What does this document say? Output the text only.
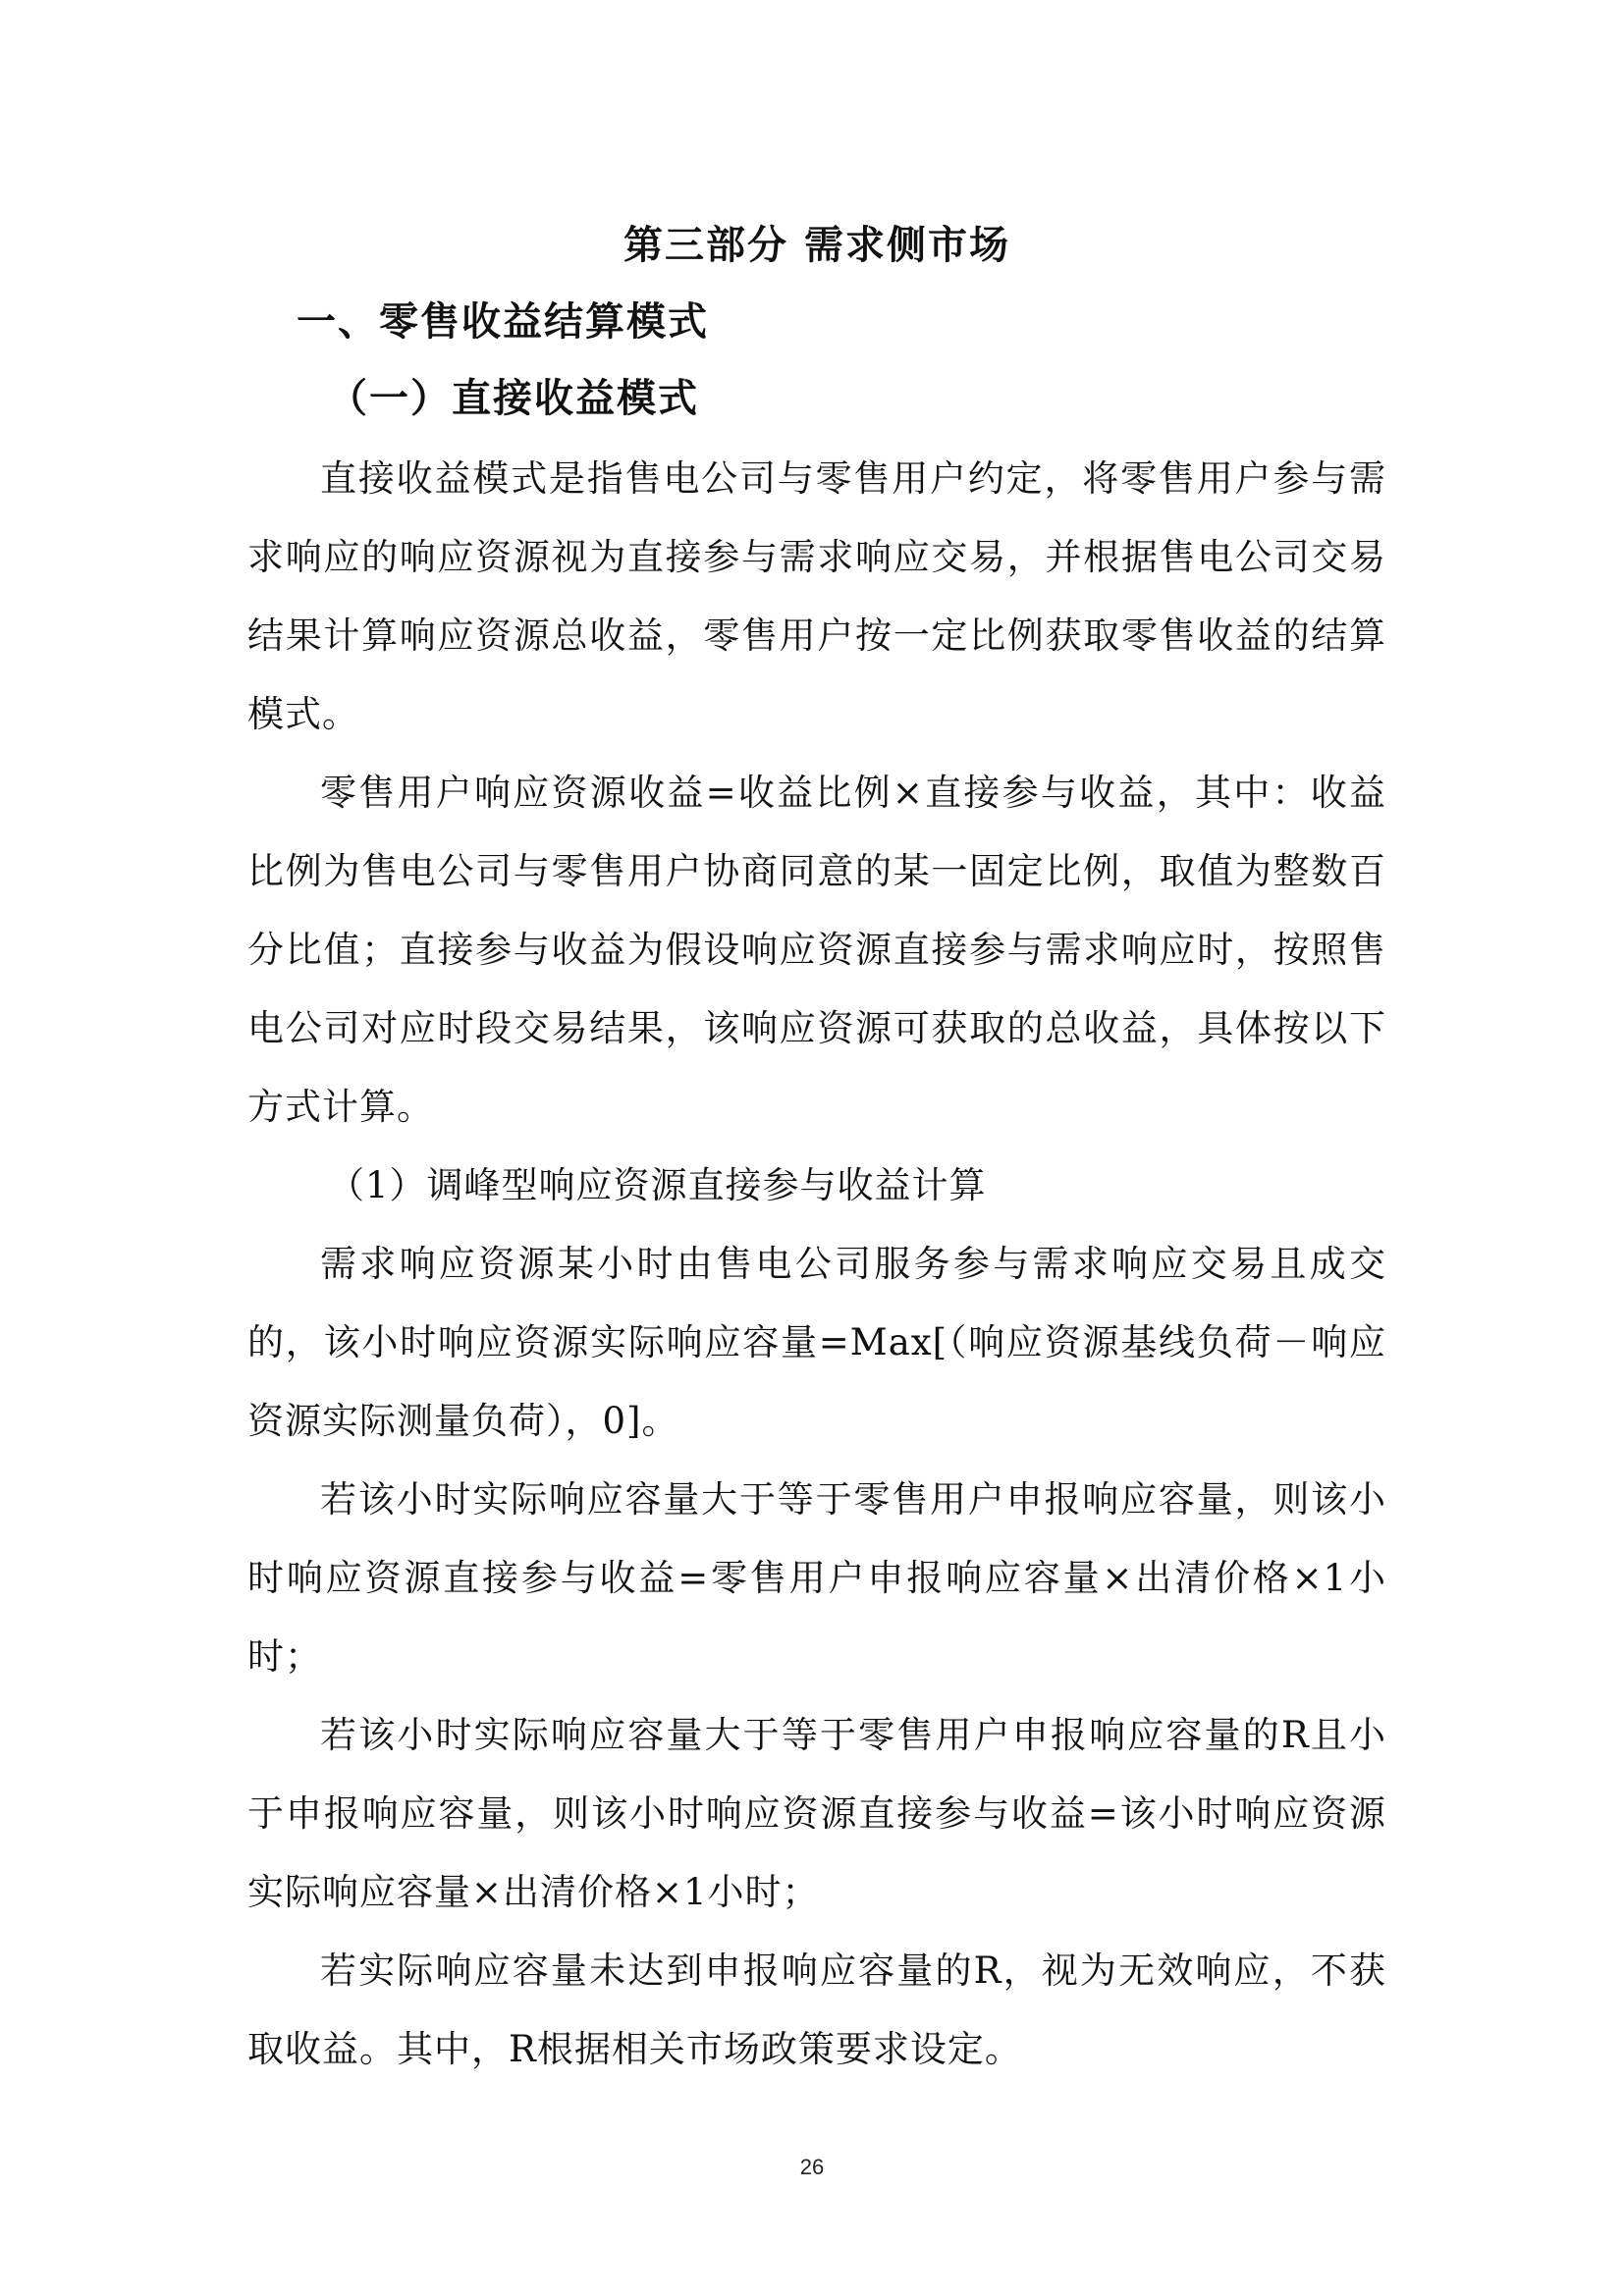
第三部分 需求侧市场
一、零售收益结算模式
（一）直接收益模式

直接收益模式是指售电公司与零售用户约定，将零售用户参与需求响应的响应资源视为直接参与需求响应交易，并根据售电公司交易结果计算响应资源总收益，零售用户按一定比例获取零售收益的结算模式。

零售用户响应资源收益=收益比例×直接参与收益，其中：收益比例为售电公司与零售用户协商同意的某一固定比例，取值为整数百分比值；直接参与收益为假设响应资源直接参与需求响应时，按照售电公司对应时段交易结果，该响应资源可获取的总收益，具体按以下方式计算。

（1）调峰型响应资源直接参与收益计算

需求响应资源某小时由售电公司服务参与需求响应交易且成交的，该小时响应资源实际响应容量=Max[（响应资源基线负荷－响应资源实际测量负荷），0]。

若该小时实际响应容量大于等于零售用户申报响应容量，则该小时响应资源直接参与收益=零售用户申报响应容量×出清价格×1小时；

若该小时实际响应容量大于等于零售用户申报响应容量的R且小于申报响应容量，则该小时响应资源直接参与收益=该小时响应资源实际响应容量×出清价格×1小时；

若实际响应容量未达到申报响应容量的R，视为无效响应，不获取收益。其中，R根据相关市场政策要求设定。

26
